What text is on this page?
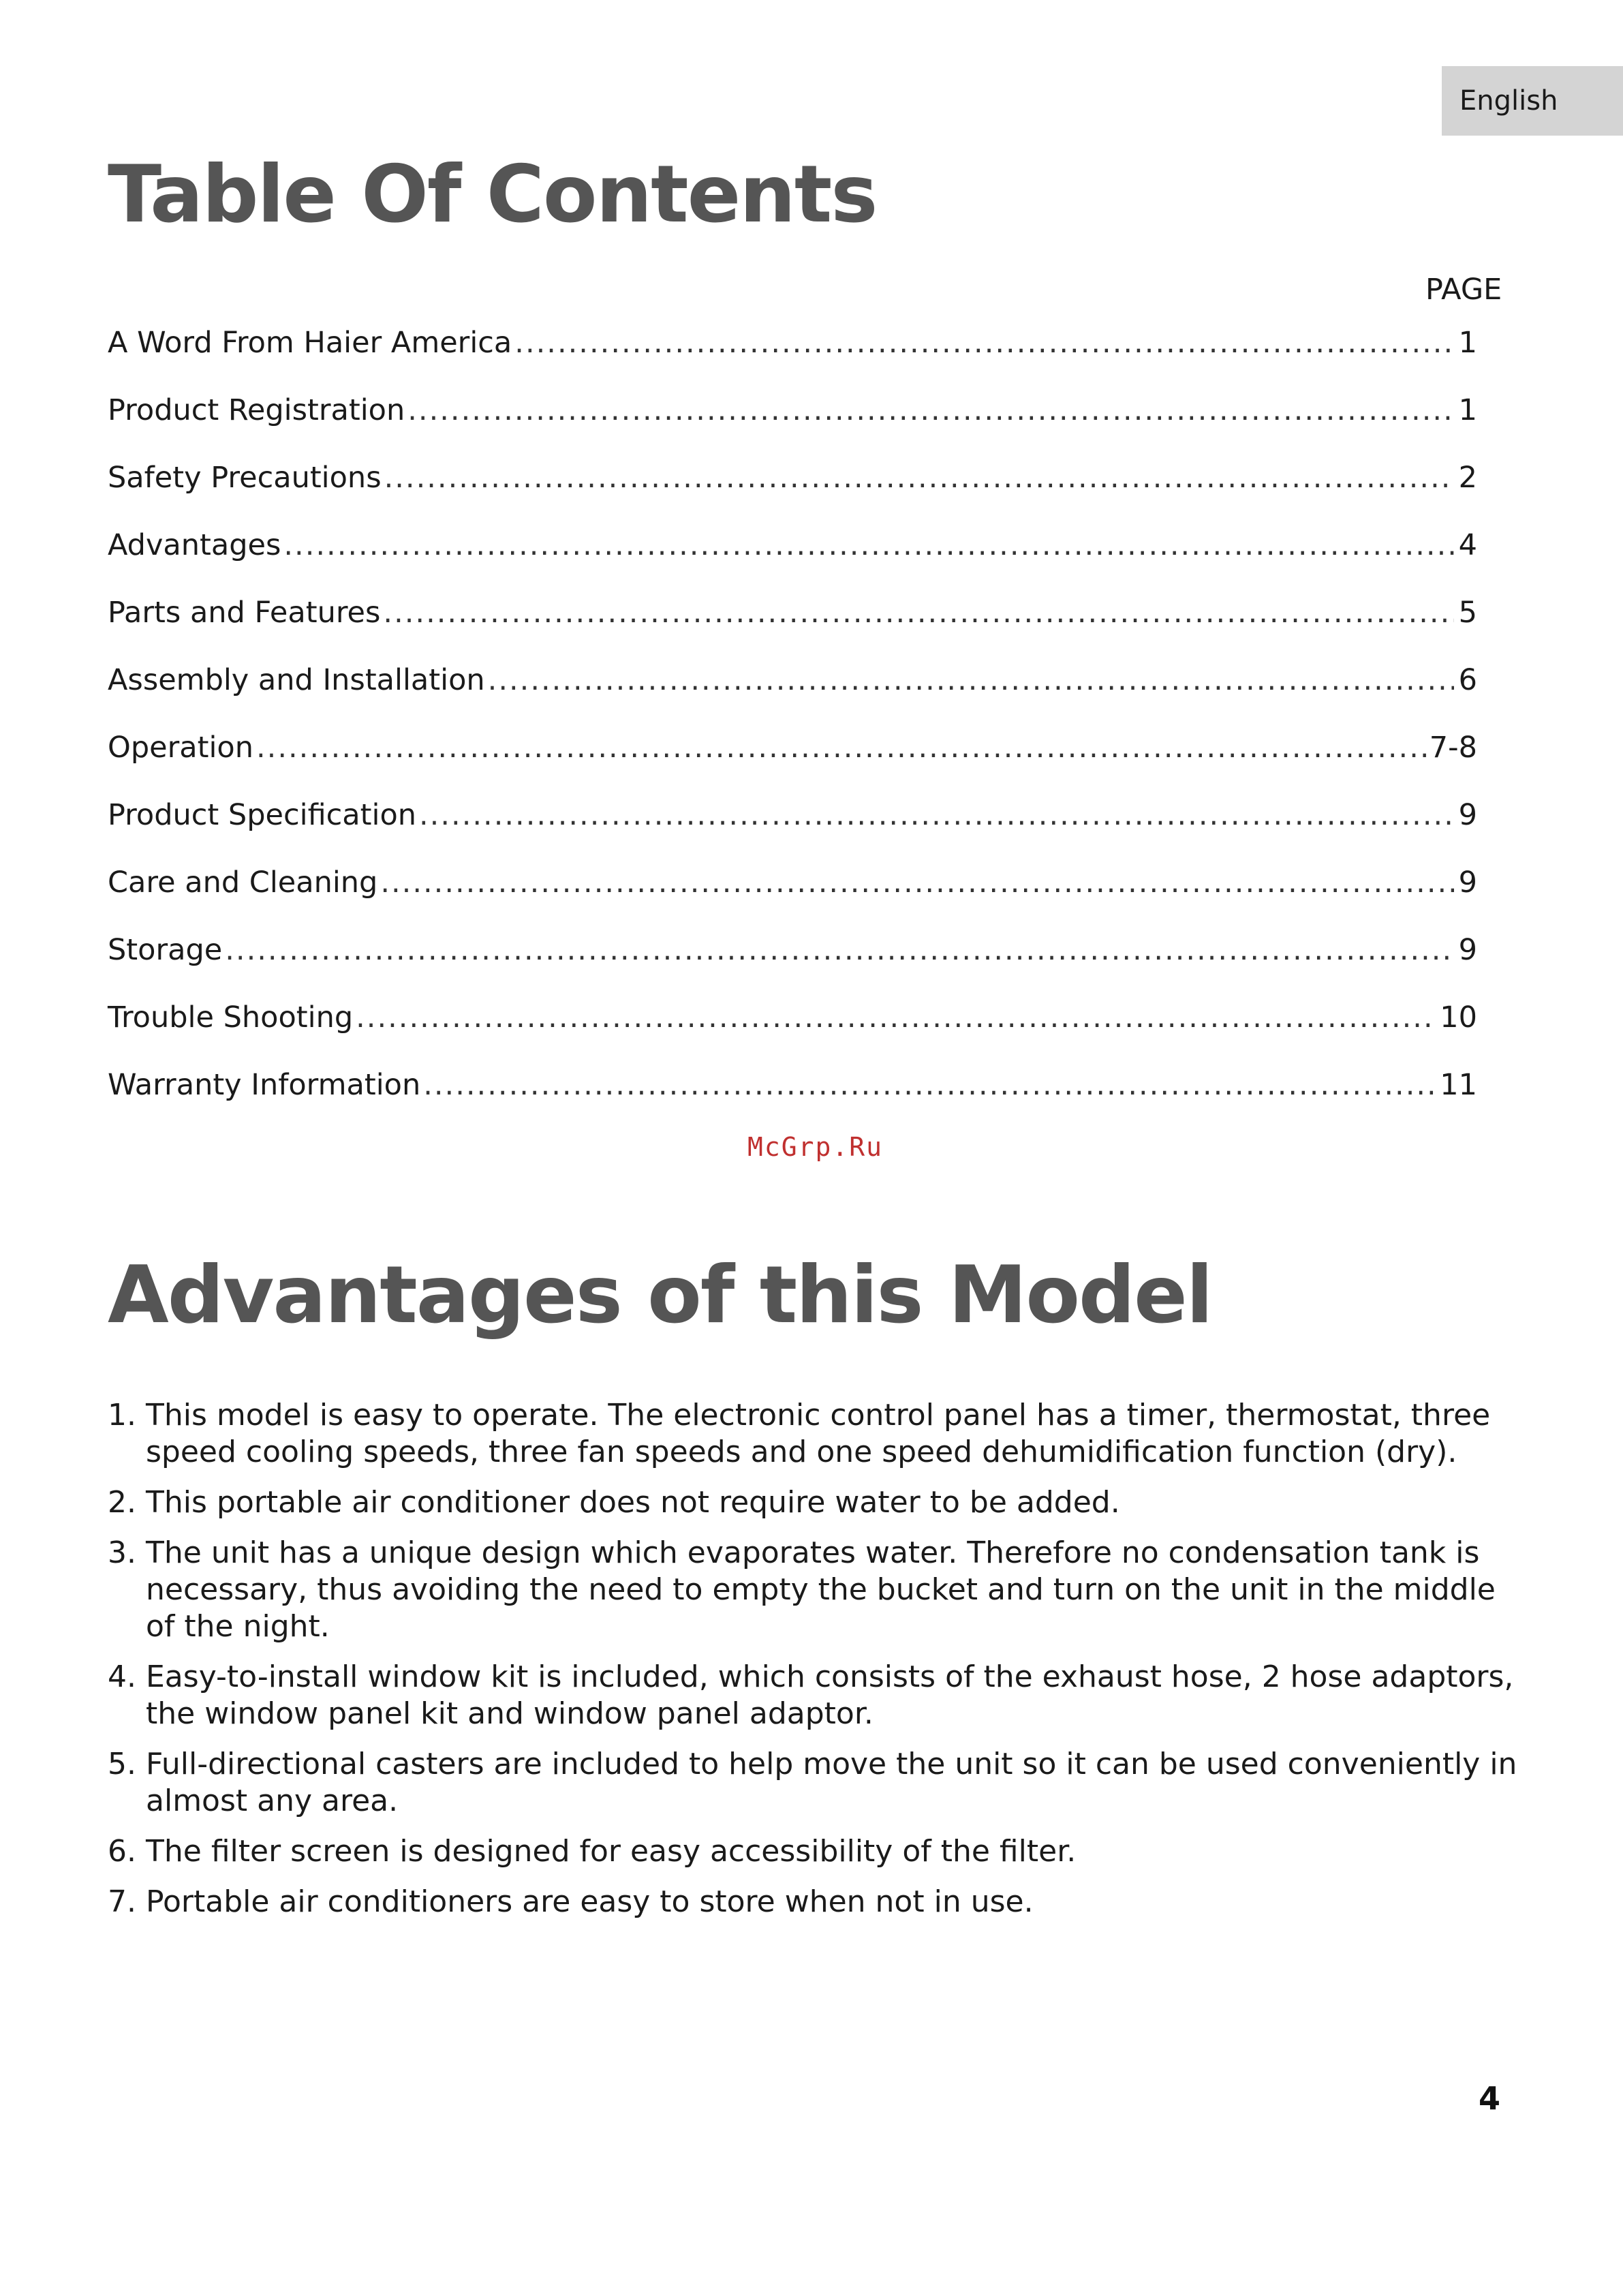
English
Table Of Contents
PAGE
A Word From Haier America .....	1
Product Registration .....	1
Safety Precautions .....	2
Advantages .....	4
Parts and Features .....	5
Assembly and Installation .....	6
Operation .....	7-8
Product Specification .....	9
Care and Cleaning .....	9
Storage .....	9
Trouble Shooting .....	10
Warranty Information .....	11
McGrp.Ru
Advantages of this Model
1. This model is easy to operate. The electronic control panel has a timer, thermostat, three speed cooling speeds, three fan speeds and one speed dehumidification function (dry).
2. This portable air conditioner does not require water to be added.
3. The unit has a unique design which evaporates water. Therefore no condensation tank is necessary, thus avoiding the need to empty the bucket and turn on the unit in the middle of the night.
4. Easy-to-install window kit is included, which consists of the exhaust hose, 2 hose adaptors, the window panel kit and window panel adaptor.
5. Full-directional casters are included to help move the unit so it can be used conveniently in almost any area.
6. The filter screen is designed for easy accessibility of the filter.
7. Portable air conditioners are easy to store when not in use.
4
